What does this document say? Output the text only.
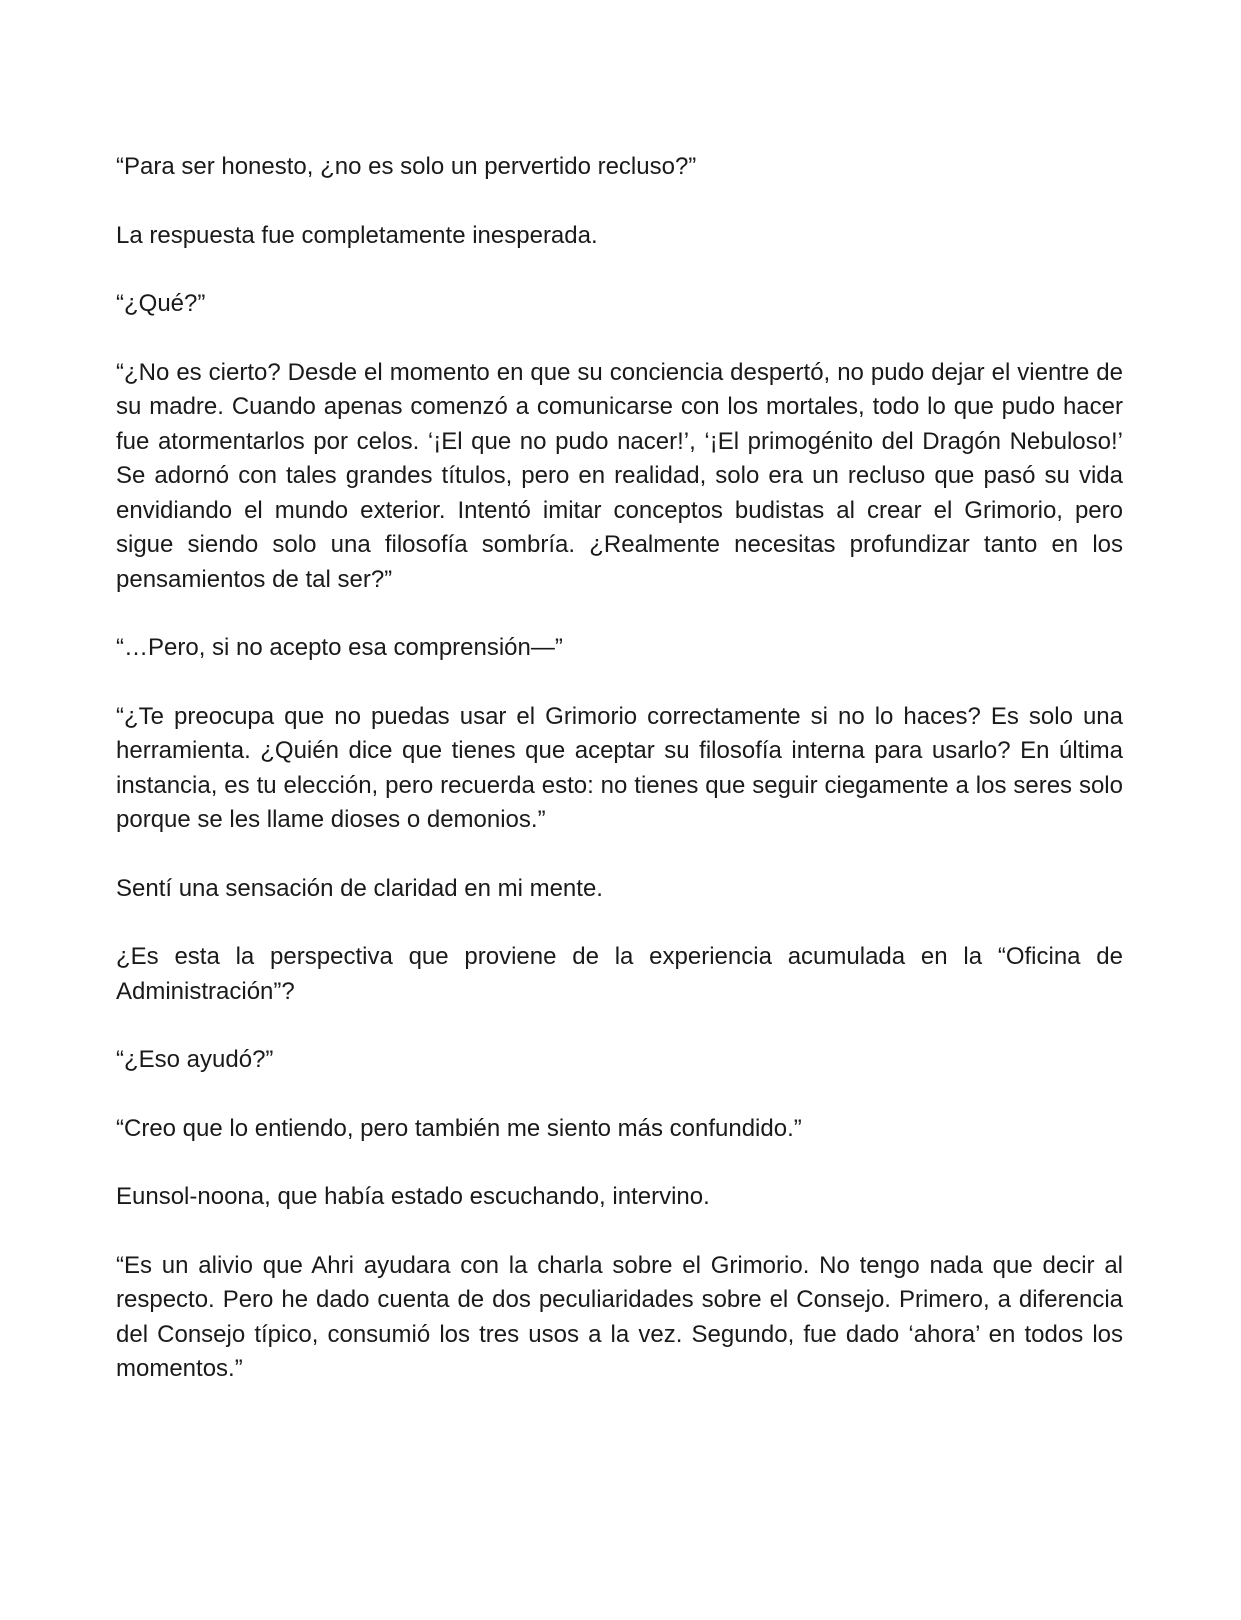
“Para ser honesto, ¿no es solo un pervertido recluso?”

La respuesta fue completamente inesperada.

“¿Qué?”

“¿No es cierto? Desde el momento en que su conciencia despertó, no pudo dejar el vientre de su madre. Cuando apenas comenzó a comunicarse con los mortales, todo lo que pudo hacer fue atormentarlos por celos. ‘¡El que no pudo nacer!’, ‘¡El primogénito del Dragón Nebuloso!’ Se adornó con tales grandes títulos, pero en realidad, solo era un recluso que pasó su vida envidiando el mundo exterior. Intentó imitar conceptos budistas al crear el Grimorio, pero sigue siendo solo una filosofía sombría. ¿Realmente necesitas profundizar tanto en los pensamientos de tal ser?”

“…Pero, si no acepto esa comprensión—”

“¿Te preocupa que no puedas usar el Grimorio correctamente si no lo haces? Es solo una herramienta. ¿Quién dice que tienes que aceptar su filosofía interna para usarlo? En última instancia, es tu elección, pero recuerda esto: no tienes que seguir ciegamente a los seres solo porque se les llame dioses o demonios.”

Sentí una sensación de claridad en mi mente.

¿Es esta la perspectiva que proviene de la experiencia acumulada en la “Oficina de Administración”?

“¿Eso ayudó?”

“Creo que lo entiendo, pero también me siento más confundido.”

Eunsol-noona, que había estado escuchando, intervino.

“Es un alivio que Ahri ayudara con la charla sobre el Grimorio. No tengo nada que decir al respecto. Pero he dado cuenta de dos peculiaridades sobre el Consejo. Primero, a diferencia del Consejo típico, consumió los tres usos a la vez. Segundo, fue dado ‘ahora’ en todos los momentos.”
